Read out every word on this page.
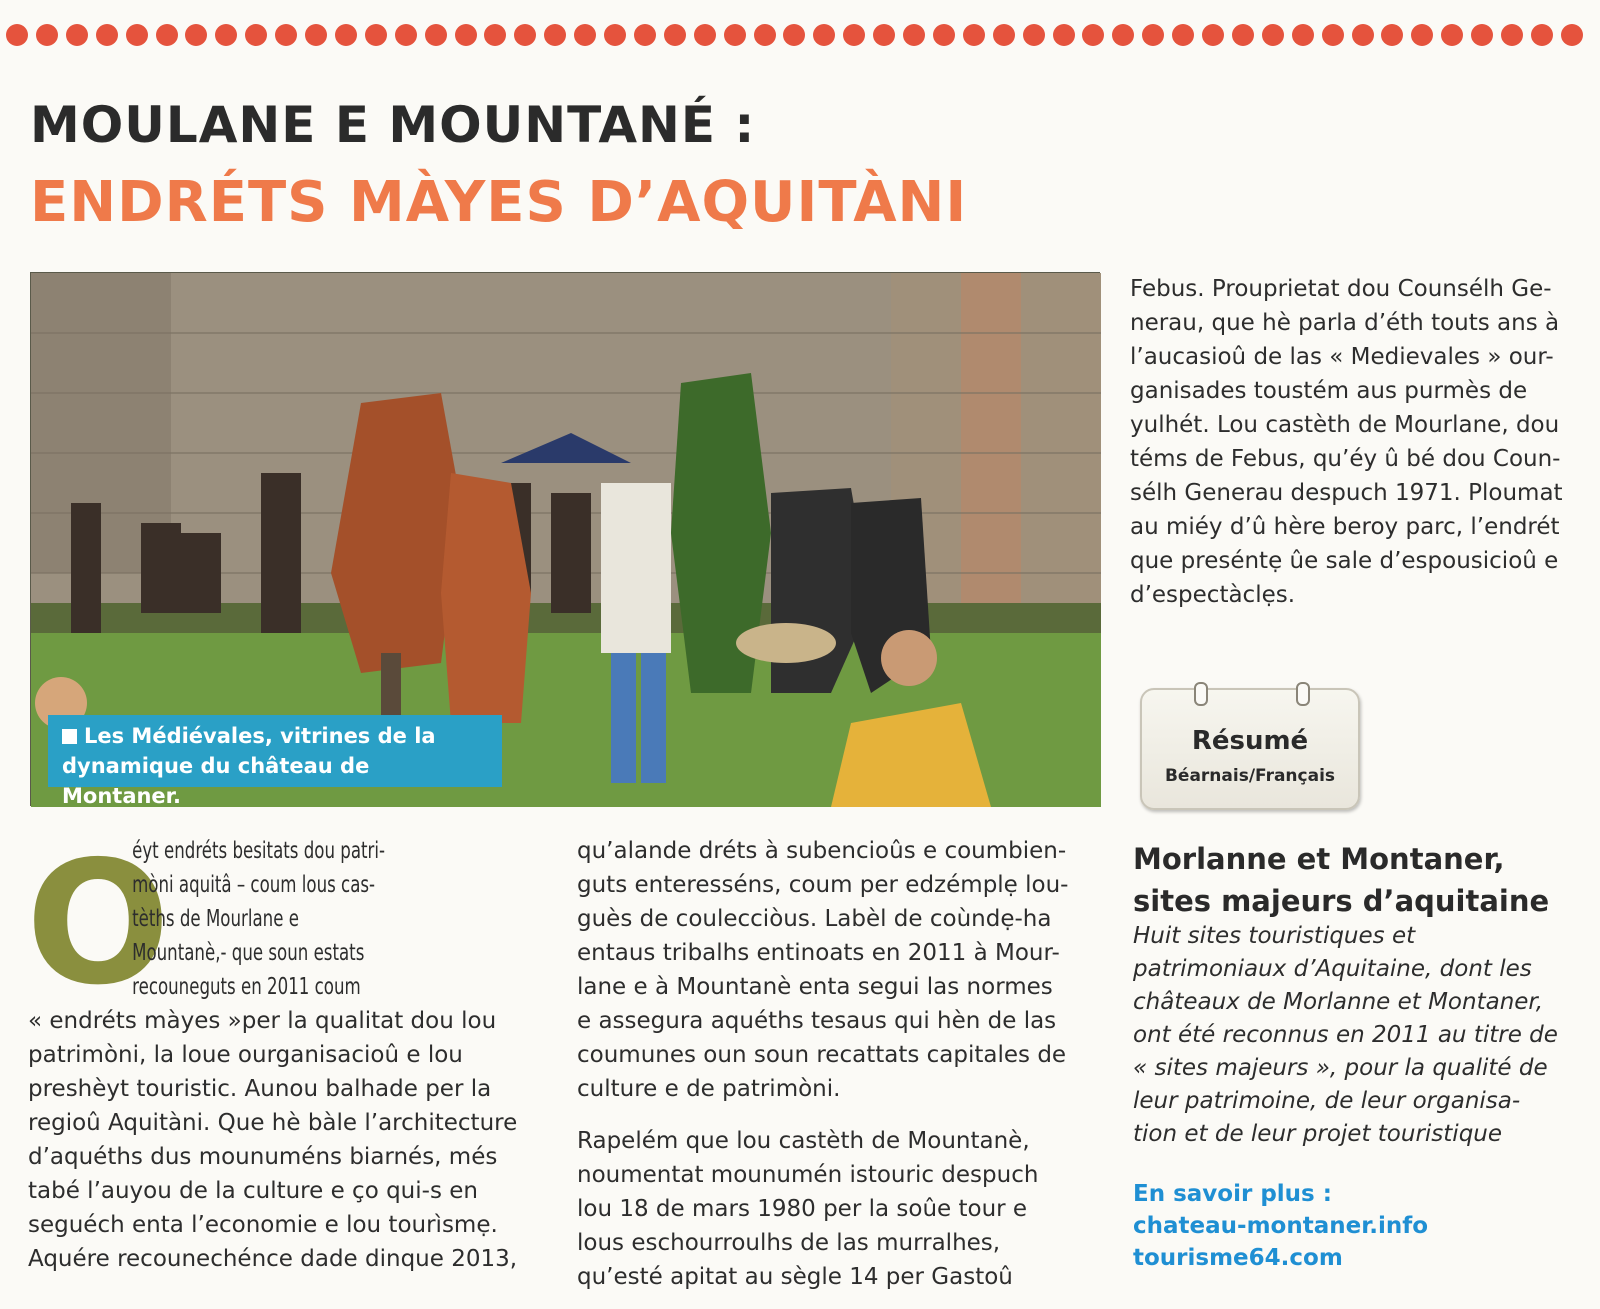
MOULANE E MOUNTANÉ :
ENDRÉTS MÀYES D’AQUITÀNI
Les Médiévales, vitrines de la
dynamique du château de Montaner.
O
éyt endréts besitats dou patri-
mòni aquitâ – coum lous cas-
tèths de Mourlane e
Mountanè,- que soun estats
recouneguts en 2011 coum
« endréts màyes »per la qualitat dou lou
patrimòni, la loue ourganisacioû e lou
preshèyt touristic. Aunou balhade per la
regioû Aquitàni. Que hè bàle l’architecture
d’aquéths dus mounuméns biarnés, més
tabé l’auyou de la culture e ço qui-s en
seguéch enta l’economie e lou tourìsmẹ.
Aquére recounechénce dade dinque 2013,
qu’alande dréts à subencioûs e coumbien-
guts enteresséns, coum per edzémplẹ lou-
guès de coulecciòus. Labèl de coùndẹ-ha
entaus tribalhs entinoats en 2011 à Mour-
lane e à Mountanè enta segui las normes
e assegura aquéths tesaus qui hèn de las
coumunes oun soun recattats capitales de
culture e de patrimòni.
Rapelém que lou castèth de Mountanè,
noumentat mounumén istouric despuch
lou 18 de mars 1980 per la soûe tour e
lous eschourroulhs de las murralhes,
qu’esté apitat au sègle 14 per Gastoû
Febus. Prouprietat dou Counsélh Ge-
nerau, que hè parla d’éth touts ans à
l’aucasioû de las « Medievales » our-
ganisades toustém aus purmès de
yulhét. Lou castèth de Mourlane, dou
téms de Febus, qu’éy û bé dou Coun-
sélh Generau despuch 1971. Ploumat
au miéy d’û hère beroy parc, l’endrét
que preséntẹ ûe sale d’espousicioû e
d’espectàclẹs.
Résumé
Béarnais/Français
Morlanne et Montaner,
sites majeurs d’aquitaine
Huit sites touristiques et
patrimoniaux d’Aquitaine, dont les
châteaux de Morlanne et Montaner,
ont été reconnus en 2011 au titre de
« sites majeurs », pour la qualité de
leur patrimoine, de leur organisa-
tion et de leur projet touristique
En savoir plus :
chateau-montaner.info
tourisme64.com
